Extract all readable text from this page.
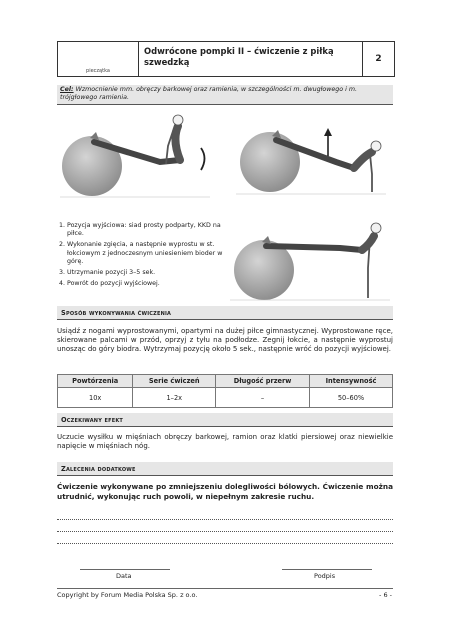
pieczątka
Odwrócone pompki II – ćwiczenie z piłką szwedzką	2
Cel: Wzmocnienie mm. obręczy barkowej oraz ramienia, w szczególności m. dwugłowego i m. trójgłowego ramienia.
1. Pozycja wyjściowa: siad prosty podparty, KKD na piłce.
2. Wykonanie zgięcia, a następnie wyprostu w st. łokciowym z jednoczesnym uniesieniem bioder w górę.
3. Utrzymanie pozycji 3–5 sek.
4. Powrót do pozycji wyjściowej.
Sposób wykonywania ćwiczenia

Usiądź z nogami wyprostowanymi, opartymi na dużej piłce gimnastycznej. Wyprostowane ręce, skierowane palcami w przód, oprzyj z tyłu na podłodze. Zegnij łokcie, a następnie wyprostuj unosząc do góry biodra. Wytrzymaj pozycję około 5 sek., następnie wróć do pozycji wyjściowej.

Powtórzenia	Serie ćwiczeń	Długość przerw	Intensywność
10x	1–2x	–	50–60%
Oczekiwany efekt

Uczucie wysiłku w mięśniach obręczy barkowej, ramion oraz klatki piersiowej oraz niewielkie napięcie w mięśniach nóg.

Zalecenia dodatkowe

Ćwiczenie wykonywane po zmniejszeniu dolegliwości bólowych. Ćwiczenie można utrudnić, wykonując ruch powoli, w niepełnym zakresie ruchu.

Data	Podpis
Copyright by Forum Media Polska Sp. z o.o.	- 6 -
